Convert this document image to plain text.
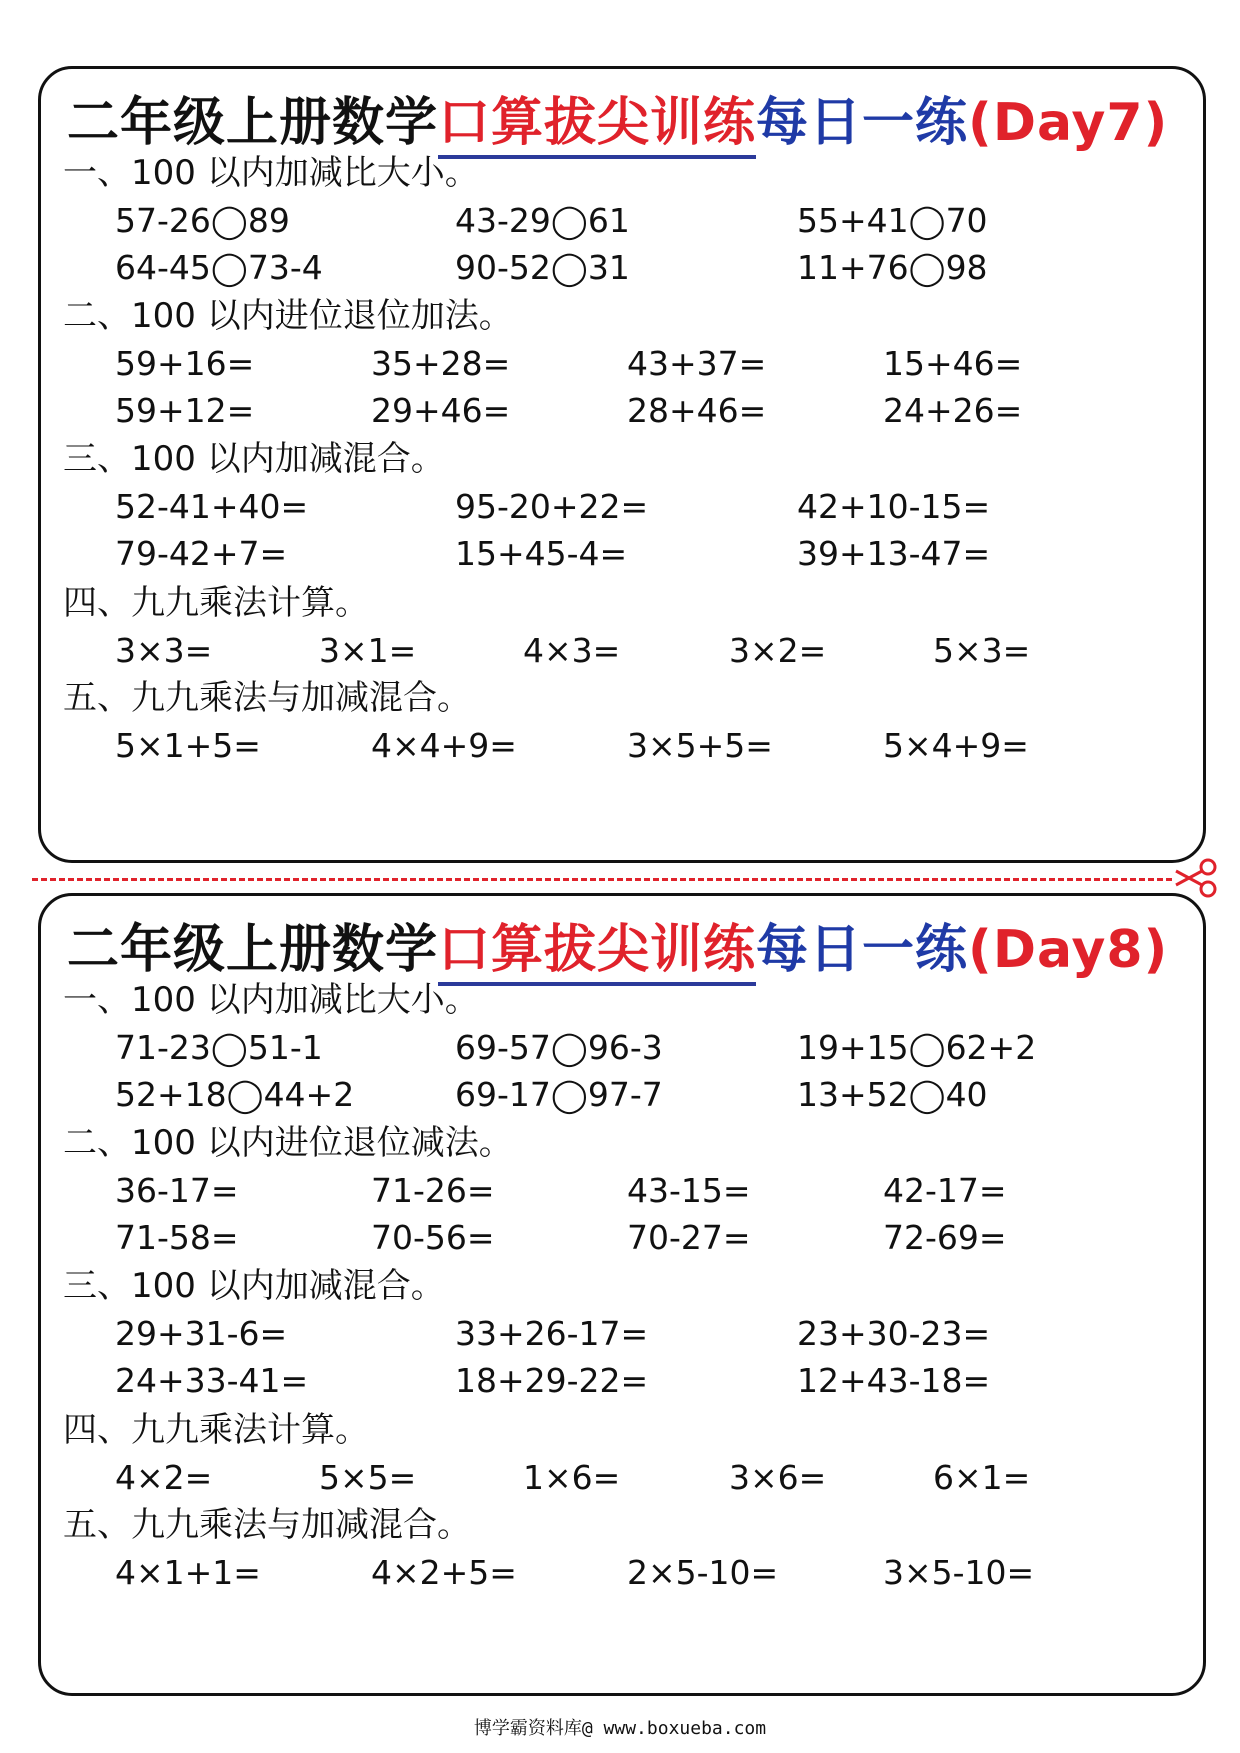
二年级上册数学口算拔尖训练每日一练(Day7)
一、100 以内加减比大小。
57-26◯89	43-29◯61	55+41◯70
64-45◯73-4	90-52◯31	11+76◯98
二、100 以内进位退位加法。
59+16=	35+28=	43+37=	15+46=
59+12=	29+46=	28+46=	24+26=
三、100 以内加减混合。
52-41+40=	95-20+22=	42+10-15=
79-42+7=	15+45-4=	39+13-47=
四、九九乘法计算。
3×3=	3×1=	4×3=	3×2=	5×3=
五、九九乘法与加减混合。
5×1+5=	4×4+9=	3×5+5=	5×4+9=
二年级上册数学口算拔尖训练每日一练(Day8)
一、100 以内加减比大小。
71-23◯51-1	69-57◯96-3	19+15◯62+2
52+18◯44+2	69-17◯97-7	13+52◯40
二、100 以内进位退位减法。
36-17=	71-26=	43-15=	42-17=
71-58=	70-56=	70-27=	72-69=
三、100 以内加减混合。
29+31-6=	33+26-17=	23+30-23=
24+33-41=	18+29-22=	12+43-18=
四、九九乘法计算。
4×2=	5×5=	1×6=	3×6=	6×1=
五、九九乘法与加减混合。
4×1+1=	4×2+5=	2×5-10=	3×5-10=
博学霸资料库@ www.boxueba.com
